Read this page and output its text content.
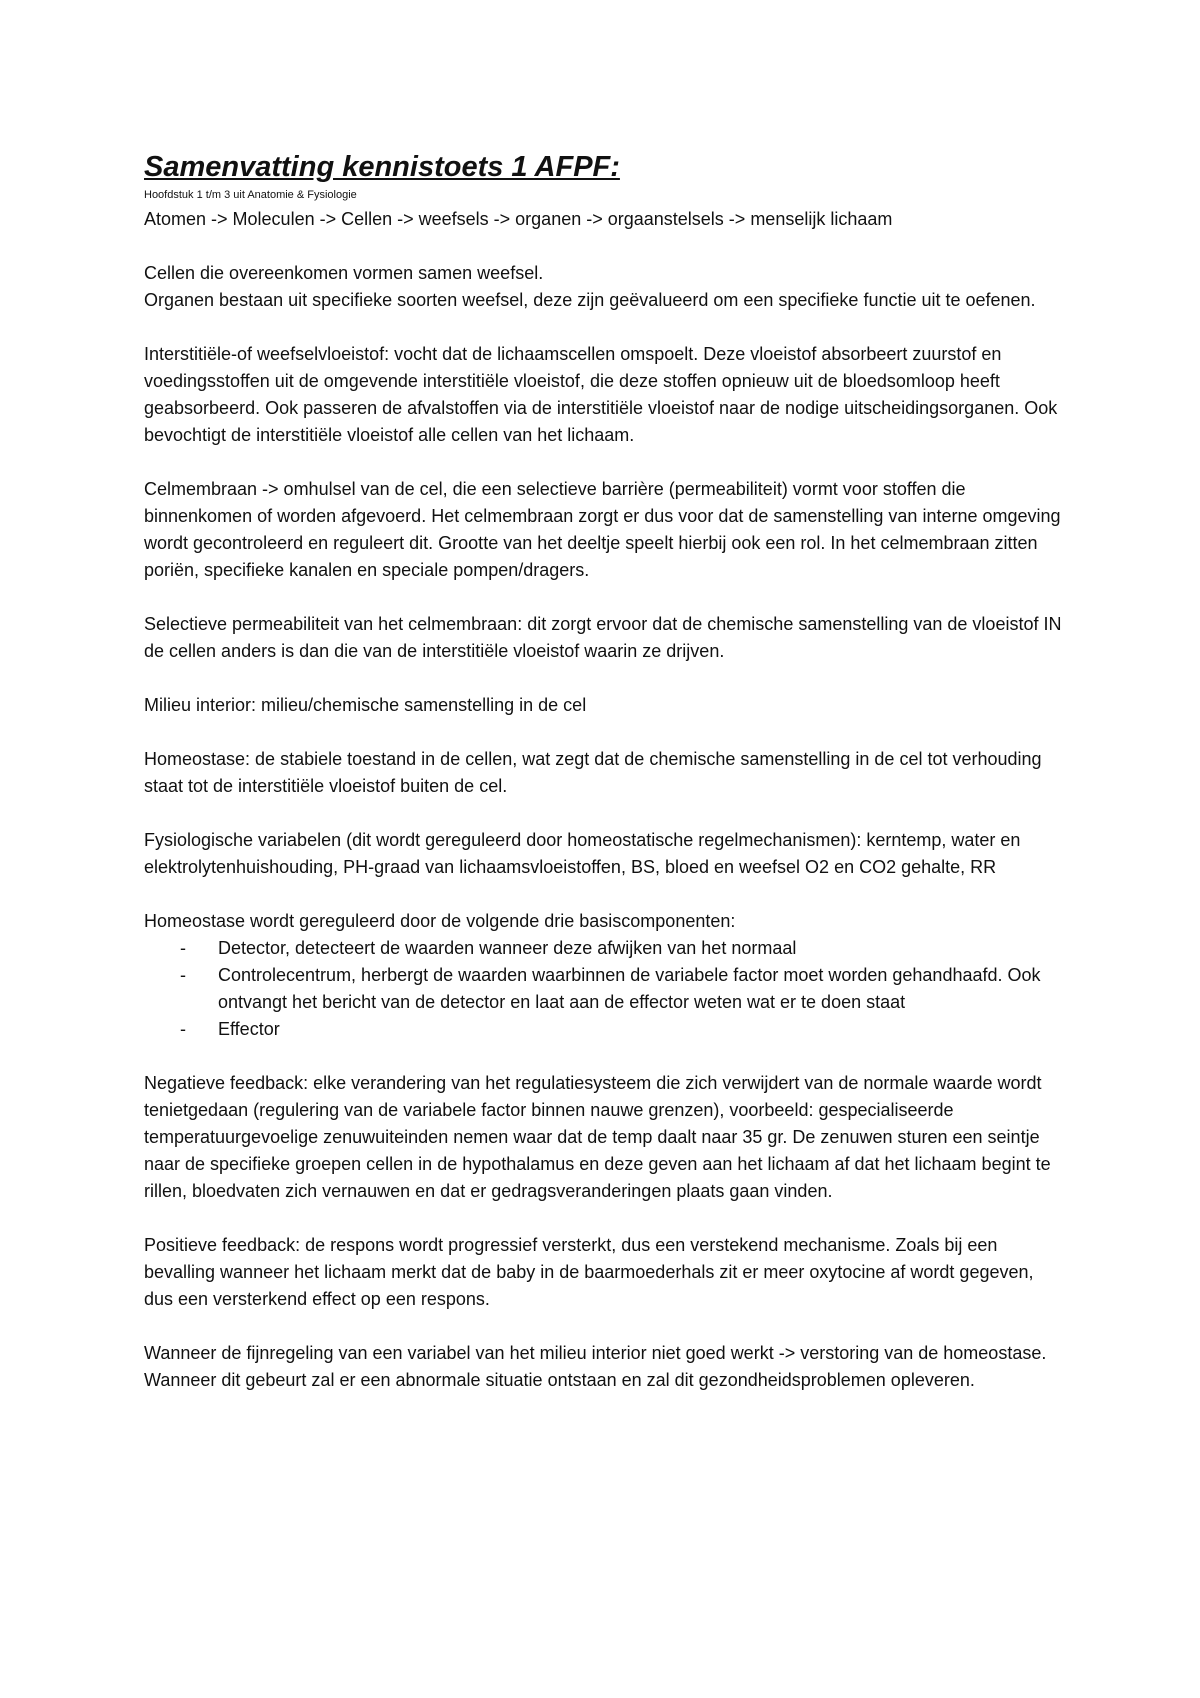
Samenvatting kennistoets 1 AFPF:
Hoofdstuk 1 t/m 3 uit Anatomie & Fysiologie

Atomen -> Moleculen -> Cellen -> weefsels -> organen -> orgaanstelsels -> menselijk lichaam

Cellen die overeenkomen vormen samen weefsel.

Organen bestaan uit specifieke soorten weefsel, deze zijn geëvalueerd om een specifieke functie uit te oefenen.

Interstitiële-of weefselvloeistof: vocht dat de lichaamscellen omspoelt. Deze vloeistof absorbeert zuurstof en voedingsstoffen uit de omgevende interstitiële vloeistof, die deze stoffen opnieuw uit de bloedsomloop heeft geabsorbeerd. Ook passeren de afvalstoffen via de interstitiële vloeistof naar de nodige uitscheidingsorganen. Ook bevochtigt de interstitiële vloeistof alle cellen van het lichaam.

Celmembraan -> omhulsel van de cel, die een selectieve barrière (permeabiliteit) vormt voor stoffen die binnenkomen of worden afgevoerd. Het celmembraan zorgt er dus voor dat de samenstelling van interne omgeving wordt gecontroleerd en reguleert dit. Grootte van het deeltje speelt hierbij ook een rol. In het celmembraan zitten poriën, specifieke kanalen en speciale pompen/dragers.

Selectieve permeabiliteit van het celmembraan: dit zorgt ervoor dat de chemische samenstelling van de vloeistof IN de cellen anders is dan die van de interstitiële vloeistof waarin ze drijven.

Milieu interior: milieu/chemische samenstelling in de cel

Homeostase: de stabiele toestand in de cellen, wat zegt dat de chemische samenstelling in de cel tot verhouding staat tot de interstitiële vloeistof buiten de cel.

Fysiologische variabelen (dit wordt gereguleerd door homeostatische regelmechanismen): kerntemp, water en elektrolytenhuishouding, PH-graad van lichaamsvloeistoffen, BS, bloed en weefsel O2 en CO2 gehalte, RR

Homeostase wordt gereguleerd door de volgende drie basiscomponenten:

- Detector, detecteert de waarden wanneer deze afwijken van het normaal
- Controlecentrum, herbergt de waarden waarbinnen de variabele factor moet worden gehandhaafd. Ook ontvangt het bericht van de detector en laat aan de effector weten wat er te doen staat
- Effector

Negatieve feedback: elke verandering van het regulatiesysteem die zich verwijdert van de normale waarde wordt tenietgedaan (regulering van de variabele factor binnen nauwe grenzen), voorbeeld: gespecialiseerde temperatuurgevoelige zenuwuiteinden nemen waar dat de temp daalt naar 35 gr. De zenuwen sturen een seintje naar de specifieke groepen cellen in de hypothalamus en deze geven aan het lichaam af dat het lichaam begint te rillen, bloedvaten zich vernauwen en dat er gedragsveranderingen plaats gaan vinden.

Positieve feedback: de respons wordt progressief versterkt, dus een verstekend mechanisme. Zoals bij een bevalling wanneer het lichaam merkt dat de baby in de baarmoederhals zit er meer oxytocine af wordt gegeven, dus een versterkend effect op een respons.

Wanneer de fijnregeling van een variabel van het milieu interior niet goed werkt -> verstoring van de homeostase. Wanneer dit gebeurt zal er een abnormale situatie ontstaan en zal dit gezondheidsproblemen opleveren.
